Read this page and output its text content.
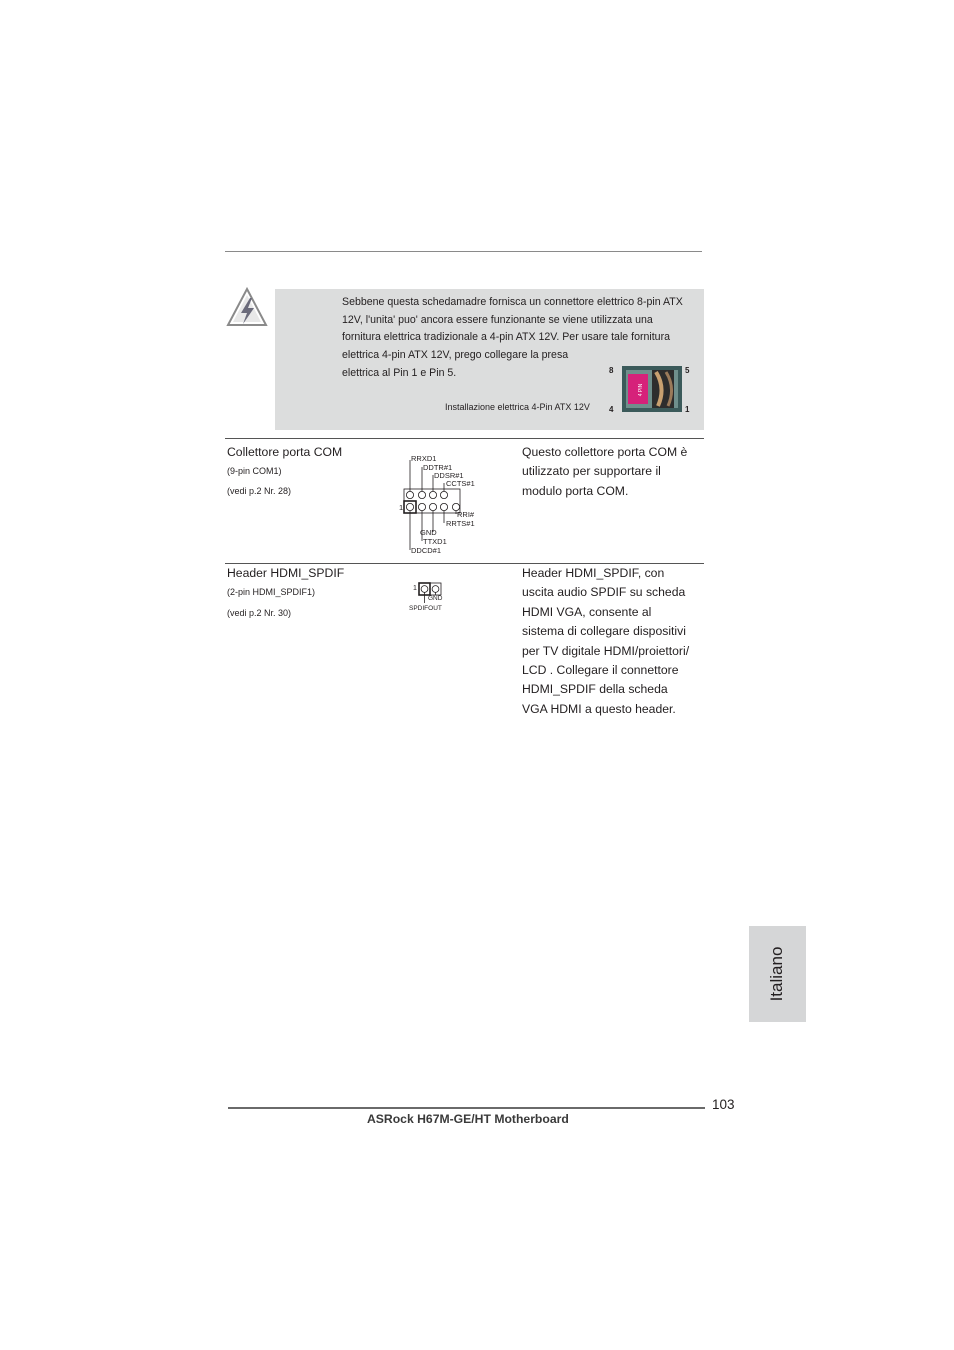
Sebbene questa schedamadre fornisca un connettore elettrico 8-pin ATX
12V, l'unita' puo' ancora essere funzionante se viene utilizzata una
fornitura elettrica tradizionale a 4-pin ATX 12V. Per usare tale fornitura
elettrica 4-pin ATX 12V, prego collegare la presa
elettrica al Pin 1 e Pin 5.
Installazione elettrica 4-Pin ATX 12V
8	5
4	1
4 PIN
Collettore porta COM
(9-pin COM1)
(vedi p.2 Nr. 28)
RRXD1
DDTR#1
DDSR#1
CCTS#1
RRI#
RRTS#1
GND
TTXD1
DDCD#1
1
Questo collettore porta COM è
utilizzato per supportare il
modulo porta COM.
Header HDMI_SPDIF
(2-pin HDMI_SPDIF1)
(vedi p.2 Nr. 30)
1
GND
SPDIFOUT
Header HDMI_SPDIF, con
uscita audio SPDIF su scheda
HDMI VGA, consente al
sistema di collegare dispositivi
per TV digitale HDMI/proiettori/
LCD . Collegare il connettore
HDMI_SPDIF della scheda
VGA HDMI a questo header.
Italiano
103
ASRock H67M-GE/HT Motherboard
